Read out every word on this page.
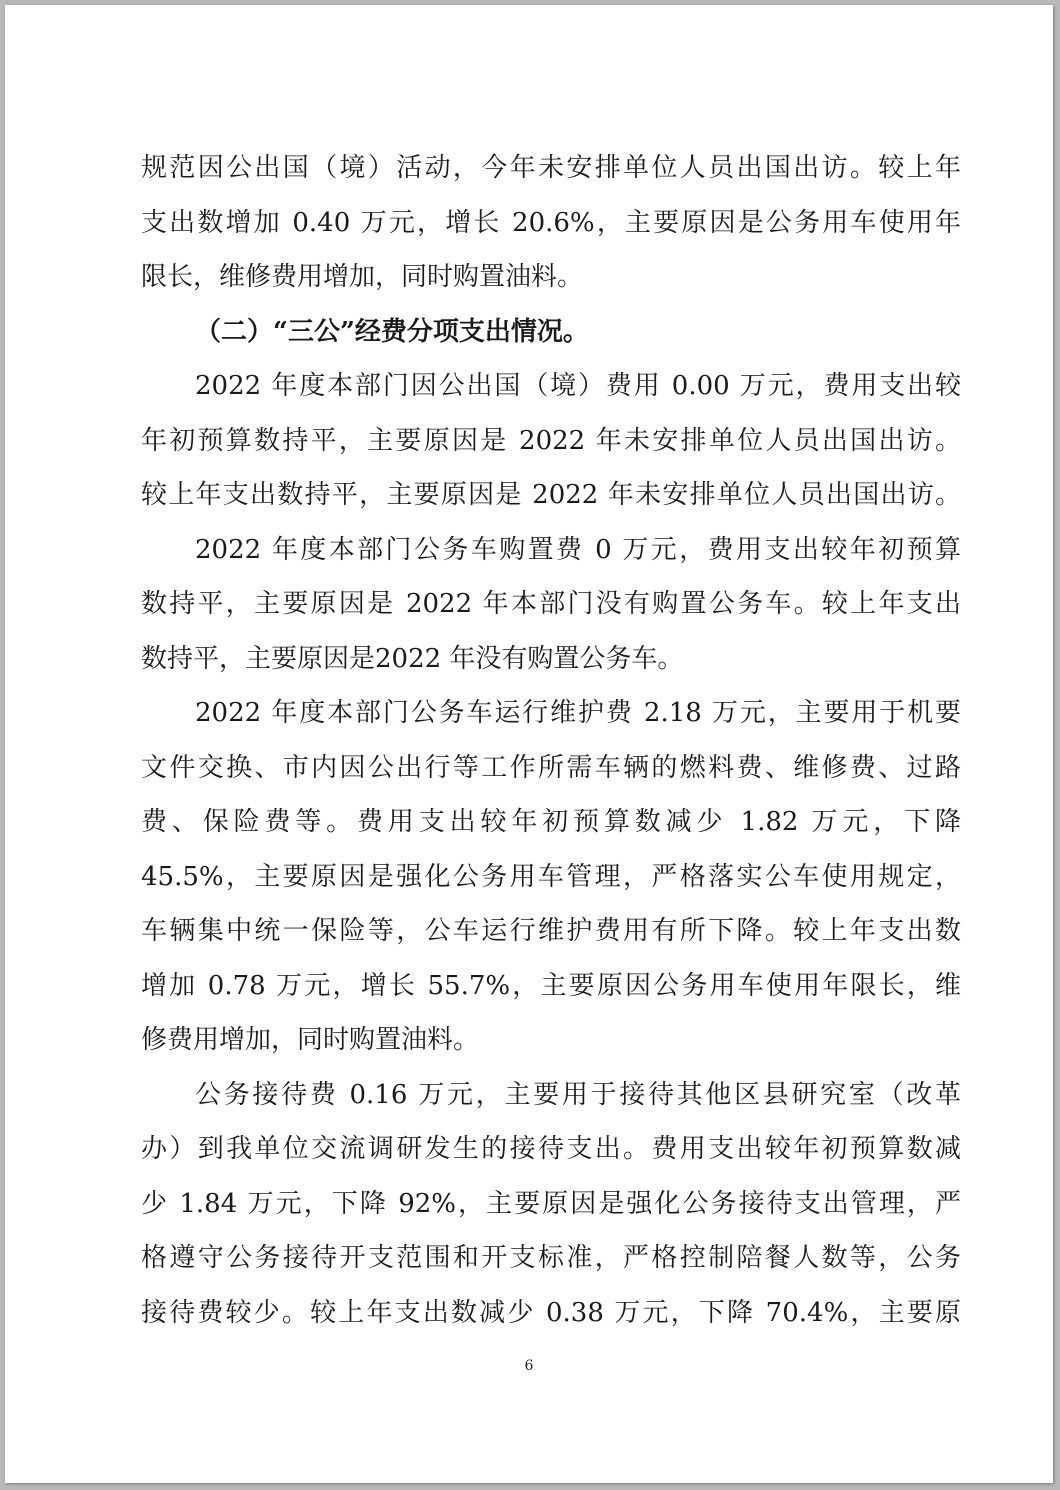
规范因公出国（境）活动，今年未安排单位人员出国出访。较上年
支出数增加 0.40 万元，增长 20.6%，主要原因是公务用车使用年
限长，维修费用增加，同时购置油料。
（二）“三公”经费分项支出情况。
2022 年度本部门因公出国（境）费用 0.00 万元，费用支出较
年初预算数持平，主要原因是 2022 年未安排单位人员出国出访。
较上年支出数持平，主要原因是 2022 年未安排单位人员出国出访。
2022 年度本部门公务车购置费 0 万元，费用支出较年初预算
数持平，主要原因是 2022 年本部门没有购置公务车。较上年支出
数持平，主要原因是2022 年没有购置公务车。
2022 年度本部门公务车运行维护费 2.18 万元，主要用于机要
文件交换、市内因公出行等工作所需车辆的燃料费、维修费、过路
费、保险费等。费用支出较年初预算数减少 1.82 万元，下降
45.5%，主要原因是强化公务用车管理，严格落实公车使用规定，
车辆集中统一保险等，公车运行维护费用有所下降。较上年支出数
增加 0.78 万元，增长 55.7%，主要原因公务用车使用年限长，维
修费用增加，同时购置油料。
公务接待费 0.16 万元，主要用于接待其他区县研究室（改革
办）到我单位交流调研发生的接待支出。费用支出较年初预算数减
少 1.84 万元，下降 92%，主要原因是强化公务接待支出管理，严
格遵守公务接待开支范围和开支标准，严格控制陪餐人数等，公务
接待费较少。较上年支出数减少 0.38 万元，下降 70.4%，主要原
6
